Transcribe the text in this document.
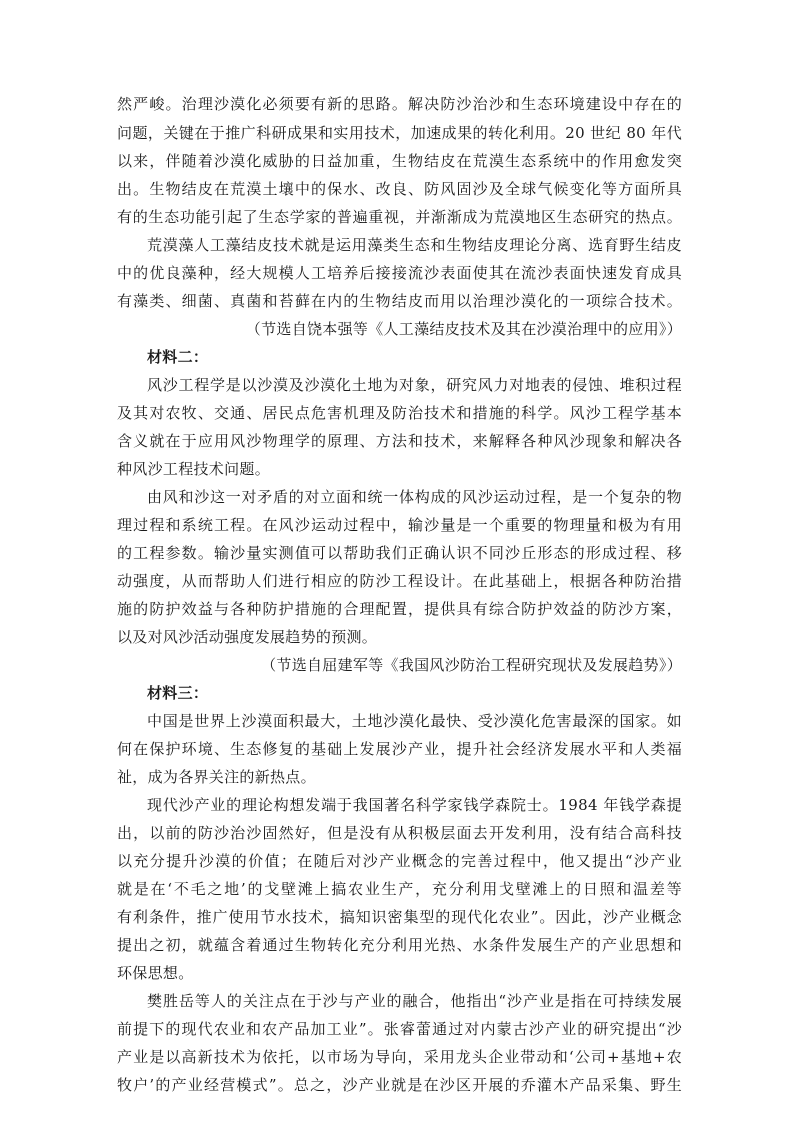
然严峻。治理沙漠化必须要有新的思路。解决防沙治沙和生态环境建设中存在的
问题，关键在于推广科研成果和实用技术，加速成果的转化利用。20 世纪 80 年代
以来，伴随着沙漠化威胁的日益加重，生物结皮在荒漠生态系统中的作用愈发突
出。生物结皮在荒漠土壤中的保水、改良、防风固沙及全球气候变化等方面所具
有的生态功能引起了生态学家的普遍重视，并渐渐成为荒漠地区生态研究的热点。
荒漠藻人工藻结皮技术就是运用藻类生态和生物结皮理论分离、选育野生结皮
中的优良藻种，经大规模人工培养后接接流沙表面使其在流沙表面快速发育成具
有藻类、细菌、真菌和苔藓在内的生物结皮而用以治理沙漠化的一项综合技术。
（节选自饶本强等《人工藻结皮技术及其在沙漠治理中的应用》）
材料二：
风沙工程学是以沙漠及沙漠化土地为对象，研究风力对地表的侵蚀、堆积过程
及其对农牧、交通、居民点危害机理及防治技术和措施的科学。风沙工程学基本
含义就在于应用风沙物理学的原理、方法和技术，来解释各种风沙现象和解决各
种风沙工程技术问题。
由风和沙这一对矛盾的对立面和统一体构成的风沙运动过程，是一个复杂的物
理过程和系统工程。在风沙运动过程中，输沙量是一个重要的物理量和极为有用
的工程参数。输沙量实测值可以帮助我们正确认识不同沙丘形态的形成过程、移
动强度，从而帮助人们进行相应的防沙工程设计。在此基础上，根据各种防治措
施的防护效益与各种防护措施的合理配置，提供具有综合防护效益的防沙方案，
以及对风沙活动强度发展趋势的预测。
（节选自屈建军等《我国风沙防治工程研究现状及发展趋势》）
材料三：
中国是世界上沙漠面积最大，土地沙漠化最快、受沙漠化危害最深的国家。如
何在保护环境、生态修复的基础上发展沙产业，提升社会经济发展水平和人类福
祉，成为各界关注的新热点。
现代沙产业的理论构想发端于我国著名科学家钱学森院士。1984 年钱学森提
出，以前的防沙治沙固然好，但是没有从积极层面去开发利用，没有结合高科技
以充分提升沙漠的价值；在随后对沙产业概念的完善过程中，他又提出“沙产业
就是在‘不毛之地’的戈壁滩上搞农业生产，充分利用戈壁滩上的日照和温差等
有利条件，推广使用节水技术，搞知识密集型的现代化农业”。因此，沙产业概念
提出之初，就蕴含着通过生物转化充分利用光热、水条件发展生产的产业思想和
环保思想。
樊胜岳等人的关注点在于沙与产业的融合，他指出“沙产业是指在可持续发展
前提下的现代农业和农产品加工业”。张睿蕾通过对内蒙古沙产业的研究提出“沙
产业是以高新技术为依托，以市场为导向，采用龙头企业带动和‘公司+基地+农
牧户’的产业经营模式”。总之，沙产业就是在沙区开展的乔灌木产品采集、野生
